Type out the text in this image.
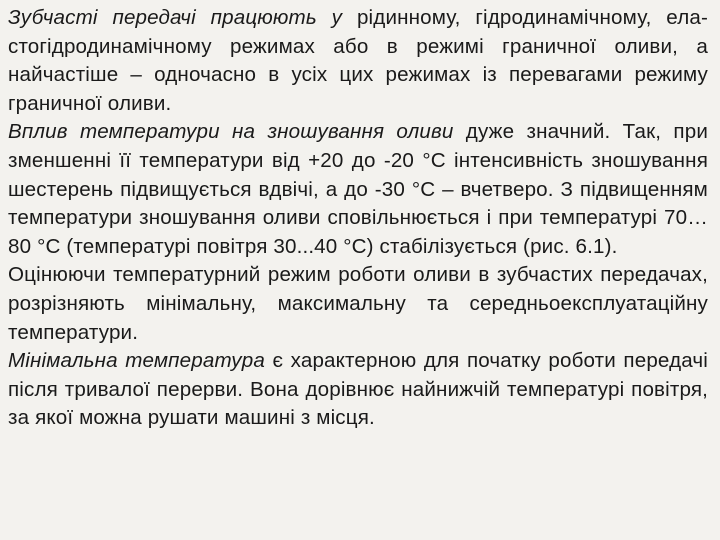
Зубчасті передачі працюють у рідинному, гідродинамічному, ела-стогідродинамічному режимах або в режимі граничної оливи, а найчастіше – одночасно в усіх цих режимах із перевагами режиму граничної оливи.

Вплив температури на зношування оливи дуже значний. Так, при зменшенні її температури від +20 до -20 °С інтенсивність зношування шестерень підвищується вдвічі, а до -30 °С – вчетверо. З підвищенням температури зношування оливи сповільнюється і при температурі 70…80 °С (температурі повітря 30...40 °С) стабілізується (рис. 6.1).

Оцінюючи температурний режим роботи оливи в зубчастих передачах, розрізняють мінімальну, максимальну та середньоексплуатаційну температури.

Мінімальна температура є характерною для початку роботи передачі після тривалої перерви. Вона дорівнює найнижчій температурі повітря, за якої можна рушати машині з місця.
